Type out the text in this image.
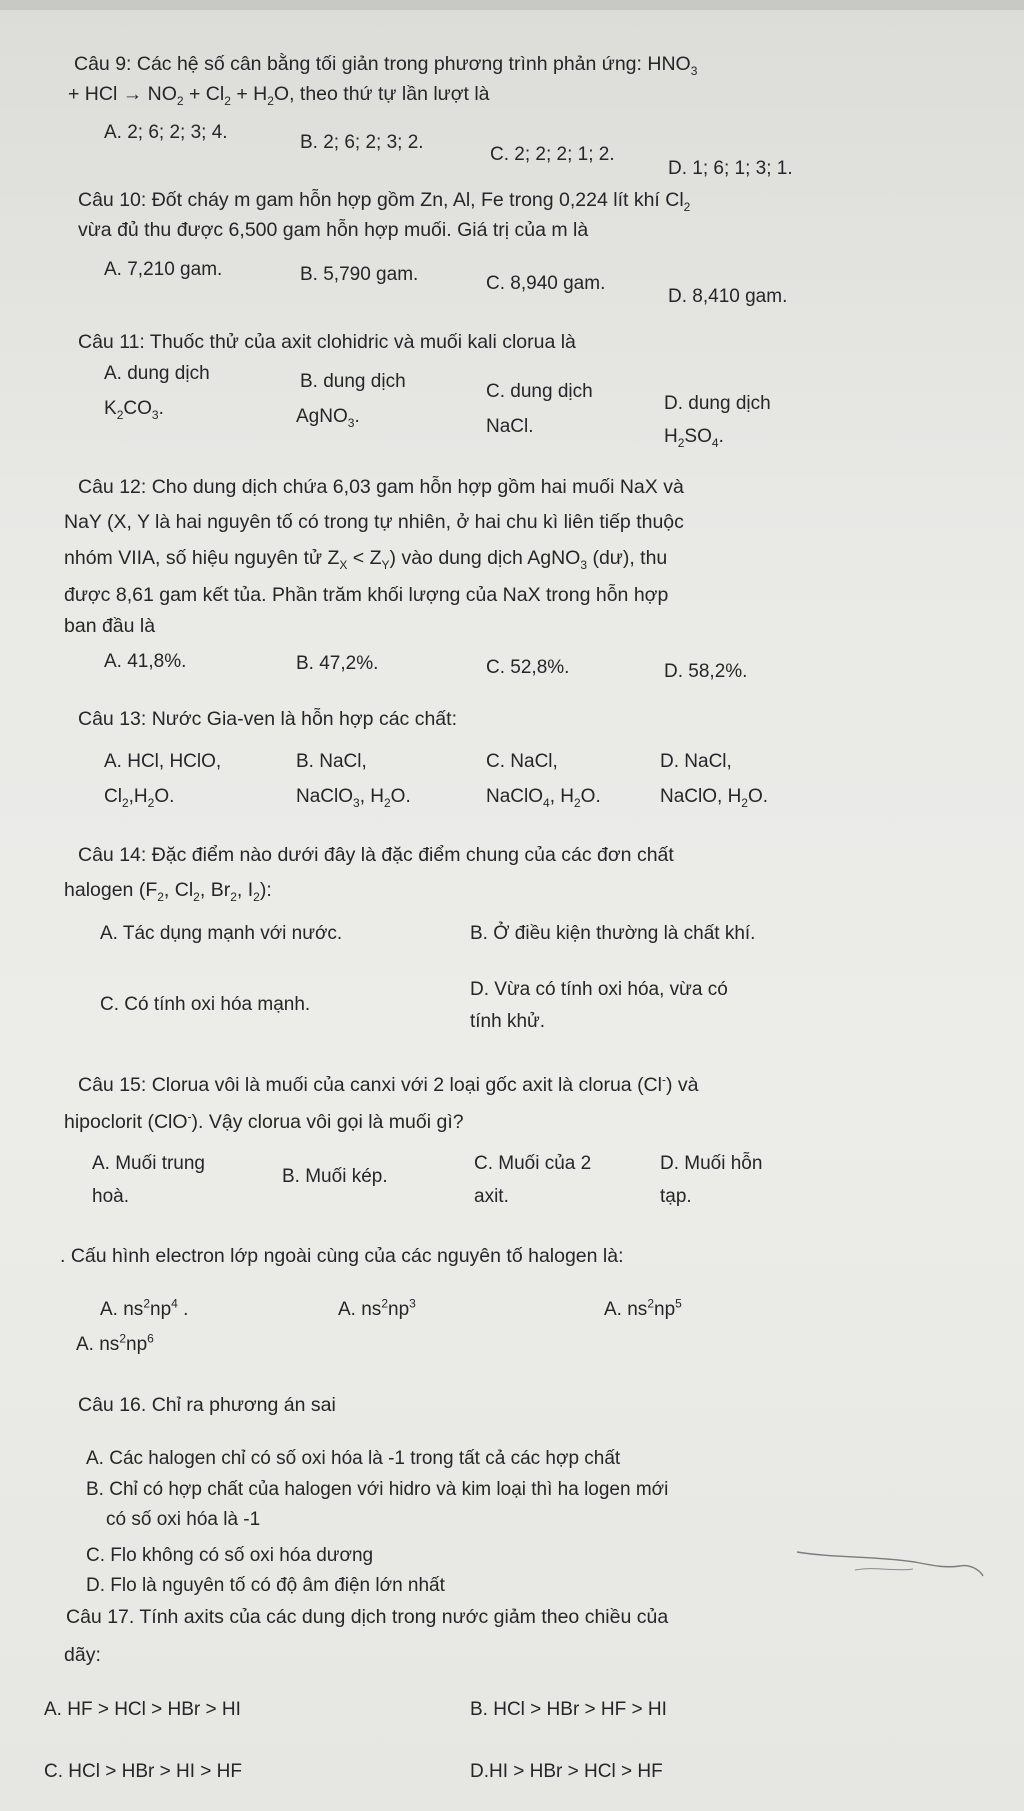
Câu 9: Các hệ số cân bằng tối giản trong phương trình phản ứng: $HNO_3$
+ HCl → $NO_2 + Cl_2 + H_2O$, theo thứ tự lần lượt là
A. 2; 6; 2; 3; 4.	B. 2; 6; 2; 3; 2.
C. 2; 2; 2; 1; 2.
D. 1; 6; 1; 3; 1.
Câu 10: Đốt cháy m gam hỗn hợp gồm Zn, Al, Fe trong 0,224 lít khí $Cl_2$
vừa đủ thu được 6,500 gam hỗn hợp muối. Giá trị của m là
A. 7,210 gam.	B. 5,790 gam.	C. 8,940 gam.
D. 8,410 gam.
Câu 11: Thuốc thử của axit clohidric và muối kali clorua là
A. dung dịch
$K_2CO_3$.
B. dung dịch
AgNO$_3$.
C. dung dịch
NaCl.
D. dung dịch
$H_2SO_4$.
Câu 12: Cho dung dịch chứa 6,03 gam hỗn hợp gồm hai muối NaX và
NaY (X, Y là hai nguyên tố có trong tự nhiên, ở hai chu kì liên tiếp thuộc
nhóm VIIA, số hiệu nguyên tử $Z_X < Z_Y$) vào dung dịch AgNO$_3$ (dư), thu
được 8,61 gam kết tủa. Phần trăm khối lượng của NaX trong hỗn hợp
ban đầu là
A. 41,8%.	B. 47,2%.	C. 52,8%.	D. 58,2%.
Câu 13: Nước Gia-ven là hỗn hợp các chất:
A. HCl, HClO,
$Cl_2,H_2O$.
B. NaCl,
NaClO$_3$, $H_2O$.
C. NaCl,
NaClO$_4$, $H_2O$.
D. NaCl,
NaClO, $H_2O$.
Câu 14: Đặc điểm nào dưới đây là đặc điểm chung của các đơn chất
halogen ($F_2$, $Cl_2$, $Br_2$, $I_2$):
A. Tác dụng mạnh với nước.	B. Ở điều kiện thường là chất khí.
C. Có tính oxi hóa mạnh.
D. Vừa có tính oxi hóa, vừa có
tính khử.
Câu 15: Clorua vôi là muối của canxi với 2 loại gốc axit là clorua (Cl-) và
hipoclorit (ClO-). Vậy clorua vôi gọi là muối gì?
A. Muối trung
hoà.
B. Muối kép.
C. Muối của 2
axit.
D. Muối hỗn
tạp.
. Cấu hình electron lớp ngoài cùng của các nguyên tố halogen là:
A. $ns^2np^4$ .	A. $ns^2np^3$	A. $ns^2np^5$
A. $ns^2np^6$
Câu 16. Chỉ ra phương án sai
A. Các halogen chỉ có số oxi hóa là -1 trong tất cả các hợp chất
B. Chỉ có hợp chất của halogen với hidro và kim loại thì ha logen mới
có số oxi hóa là -1
C. Flo không có số oxi hóa dương
D. Flo là nguyên tố có độ âm điện lớn nhất
Câu 17. Tính axits của các dung dịch trong nước giảm theo chiều của
dãy:
A. HF > HCl > HBr > HI	B. HCl > HBr > HF > HI
C. HCl > HBr > HI > HF	D.HI > HBr > HCl > HF
